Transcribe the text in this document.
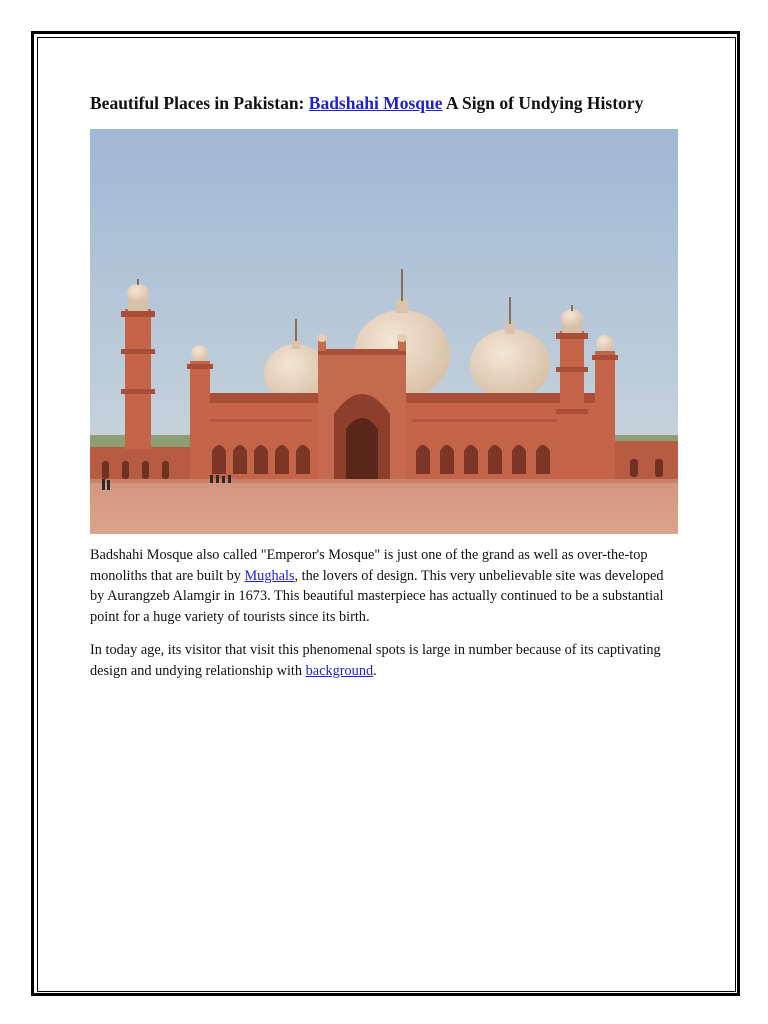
Beautiful Places in Pakistan: Badshahi Mosque A Sign of Undying History

Badshahi Mosque also called "Emperor's Mosque" is just one of the grand as well as over-the-top monoliths that are built by Mughals, the lovers of design. This very unbelievable site was developed by Aurangzeb Alamgir in 1673. This beautiful masterpiece has actually continued to be a substantial point for a huge variety of tourists since its birth.

In today age, its visitor that visit this phenomenal spots is large in number because of its captivating design and undying relationship with background.
